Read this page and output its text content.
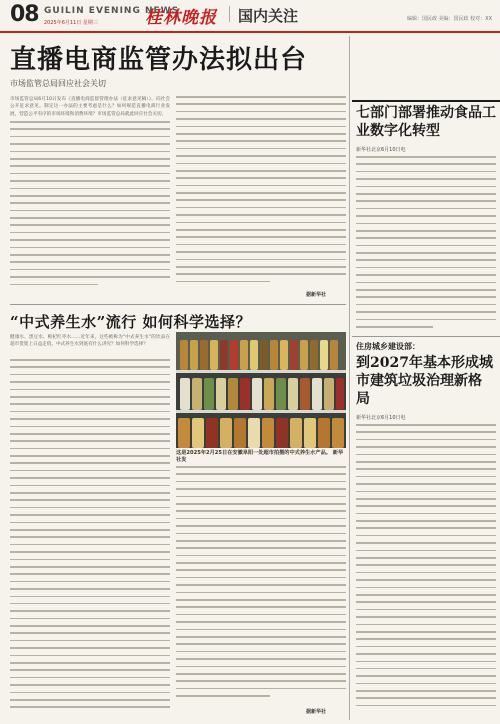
08 GUILIN EVENING NEWS
2025年6月11日 星期三	桂林晚报 国内关注	编辑：国民政 美编：国民政 校对：XX
直播电商监管办法拟出台
市场监管总局回应社会关切
市场监管总局6月10日发布《直播电商监督管理办法（征求意见稿）》，向社会公开征求意见。制定这一办法的主要考虑是什么？如何规范直播电商行业发展，营造公平有序的市场环境和消费环境？市场监管总局就此回应社会关切。
据新华社
“中式养生水”流行 如何科学选择？
健康水、黑豆水、枸杞红枣水……近年来，这些被称为“中式养生水”的饮品在超市货架上日益走俏。中式养生水到底有什么讲究？如何科学选择？
这是2025年2月25日在安徽阜阳一处超市拍摄的中式养生水产品。 新华社发
据新华社
七部门部署推动食品工业数字化转型
新华社北京6月10日电
住房城乡建设部：
到2027年基本形成城市建筑垃圾治理新格局
新华社北京6月10日电
